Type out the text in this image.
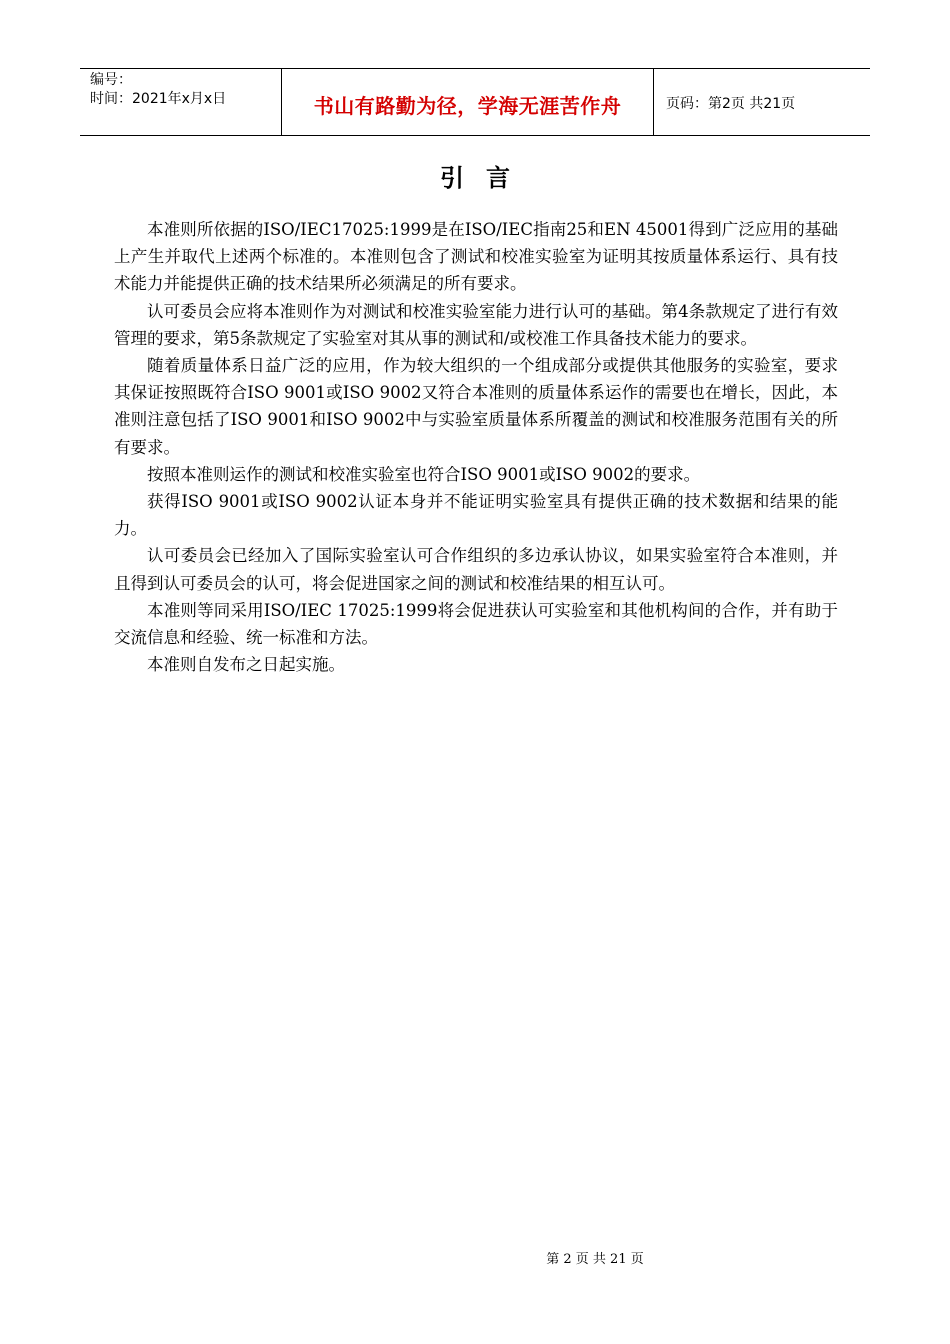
编号：
时间：2021年x月x日	书山有路勤为径，学海无涯苦作舟	页码：第2页 共21页
引言

本准则所依据的ISO/IEC17025:1999是在ISO/IEC指南25和EN 45001得到广泛应用的基础上产生并取代上述两个标准的。本准则包含了测试和校准实验室为证明其按质量体系运行、具有技术能力并能提供正确的技术结果所必须满足的所有要求。

认可委员会应将本准则作为对测试和校准实验室能力进行认可的基础。第4条款规定了进行有效管理的要求，第5条款规定了实验室对其从事的测试和/或校准工作具备技术能力的要求。

随着质量体系日益广泛的应用，作为较大组织的一个组成部分或提供其他服务的实验室，要求其保证按照既符合ISO 9001或ISO 9002又符合本准则的质量体系运作的需要也在增长，因此，本准则注意包括了ISO 9001和ISO 9002中与实验室质量体系所覆盖的测试和校准服务范围有关的所有要求。

按照本准则运作的测试和校准实验室也符合ISO 9001或ISO 9002的要求。

获得ISO 9001或ISO 9002认证本身并不能证明实验室具有提供正确的技术数据和结果的能力。

认可委员会已经加入了国际实验室认可合作组织的多边承认协议，如果实验室符合本准则，并且得到认可委员会的认可，将会促进国家之间的测试和校准结果的相互认可。

本准则等同采用ISO/IEC 17025:1999将会促进获认可实验室和其他机构间的合作，并有助于交流信息和经验、统一标准和方法。

本准则自发布之日起实施。

第 2 页 共 21 页
